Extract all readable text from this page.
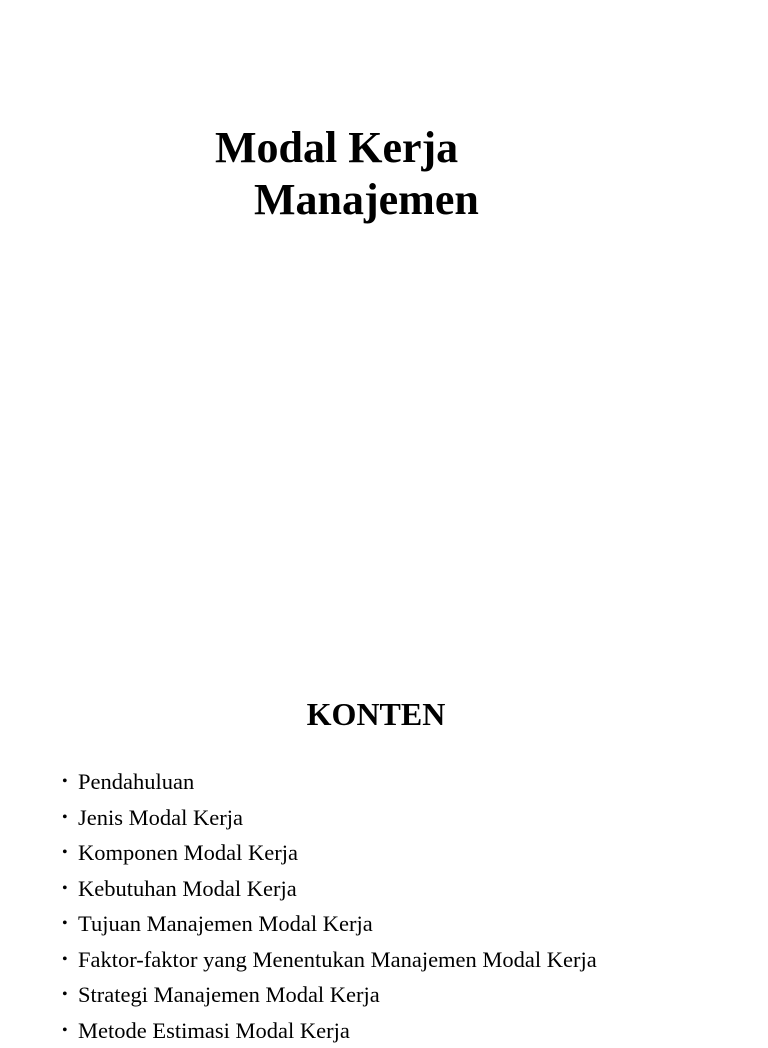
Modal Kerja
Manajemen
KONTEN
• Pendahuluan
• Jenis Modal Kerja
• Komponen Modal Kerja
• Kebutuhan Modal Kerja
• Tujuan Manajemen Modal Kerja
• Faktor-faktor yang Menentukan Manajemen Modal Kerja
• Strategi Manajemen Modal Kerja
• Metode Estimasi Modal Kerja
